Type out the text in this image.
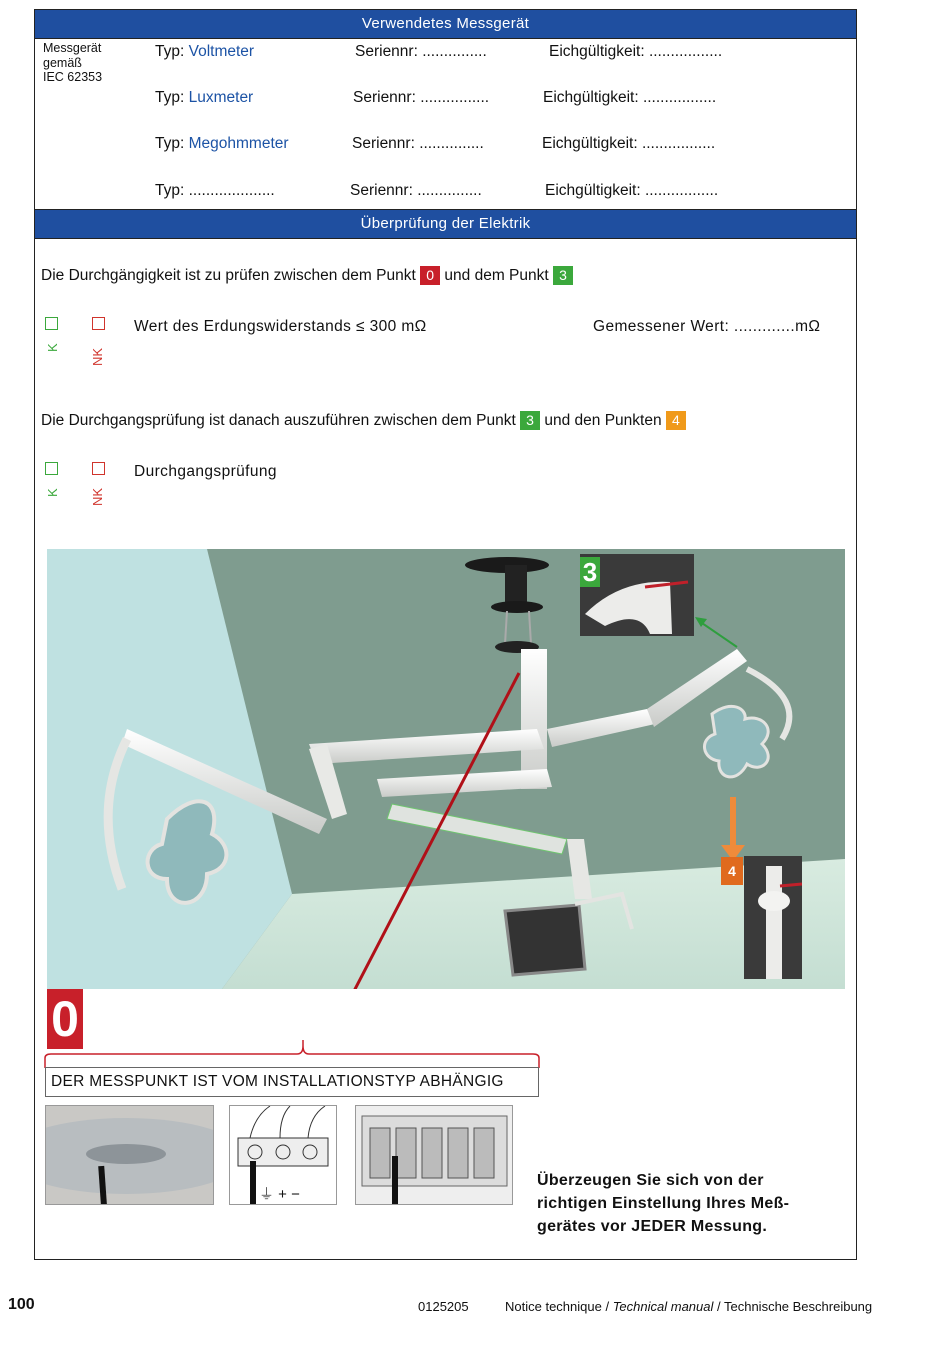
Verwendetes Messgerät
Messgerät
gemäß
IEC 62353
Typ: Voltmeter	Seriennr: ...............	Eichgültigkeit: .................
Typ: Luxmeter	Seriennr: ................	Eichgültigkeit: .................
Typ: Megohmmeter	Seriennr: ...............	Eichgültigkeit: .................
Typ: ....................	Seriennr: ...............	Eichgültigkeit: .................
Überprüfung der Elektrik
Die Durchgängigkeit ist zu prüfen zwischen dem Punkt 0 und dem Punkt 3
K
NK
Wert des Erdungswiderstands ≤ 300 mΩ	Gemessener Wert: .............mΩ
Die Durchgangsprüfung ist danach auszuführen zwischen dem Punkt 3 und den Punkten 4
K NK
Durchgangsprüfung
3
4
0
DER MESSPUNKT IST VOM INSTALLATIONSTYP ABHÄNGIG
⏚ + −
Überzeugen Sie sich von der
richtigen Einstellung Ihres Meß-
gerätes vor JEDER Messung.
100	0125205	Notice technique / Technical manual / Technische Beschreibung
